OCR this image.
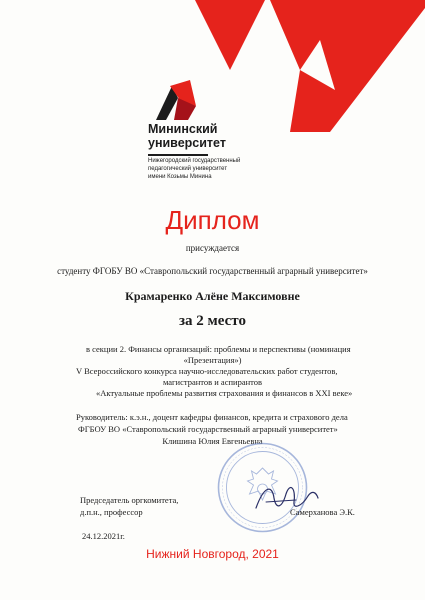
Мининский
университет
Нижегородский государственный
педагогический университет
имени Козьмы Минина
Диплом
присуждается
студенту ФГОБУ ВО «Ставропольский государственный аграрный университет»
Крамаренко Алёне Максимовне
за 2 место
в секции 2. Финансы организаций: проблемы и перспективы (номинация
«Презентация»)
V Всероссийского конкурса научно-исследовательских работ студентов,
магистрантов и аспирантов
«Актуальные проблемы развития страхования и финансов в XXI веке»
Руководитель: к.э.н., доцент кафедры финансов, кредита и страхового дела
ФГБОУ ВО «Ставропольский государственный аграрный университет»
Клишина Юлия Евгеньевна
Председатель оргкомитета,
д.п.н., профессор	Самерханова Э.К.
24.12.2021г.
Нижний Новгород, 2021
